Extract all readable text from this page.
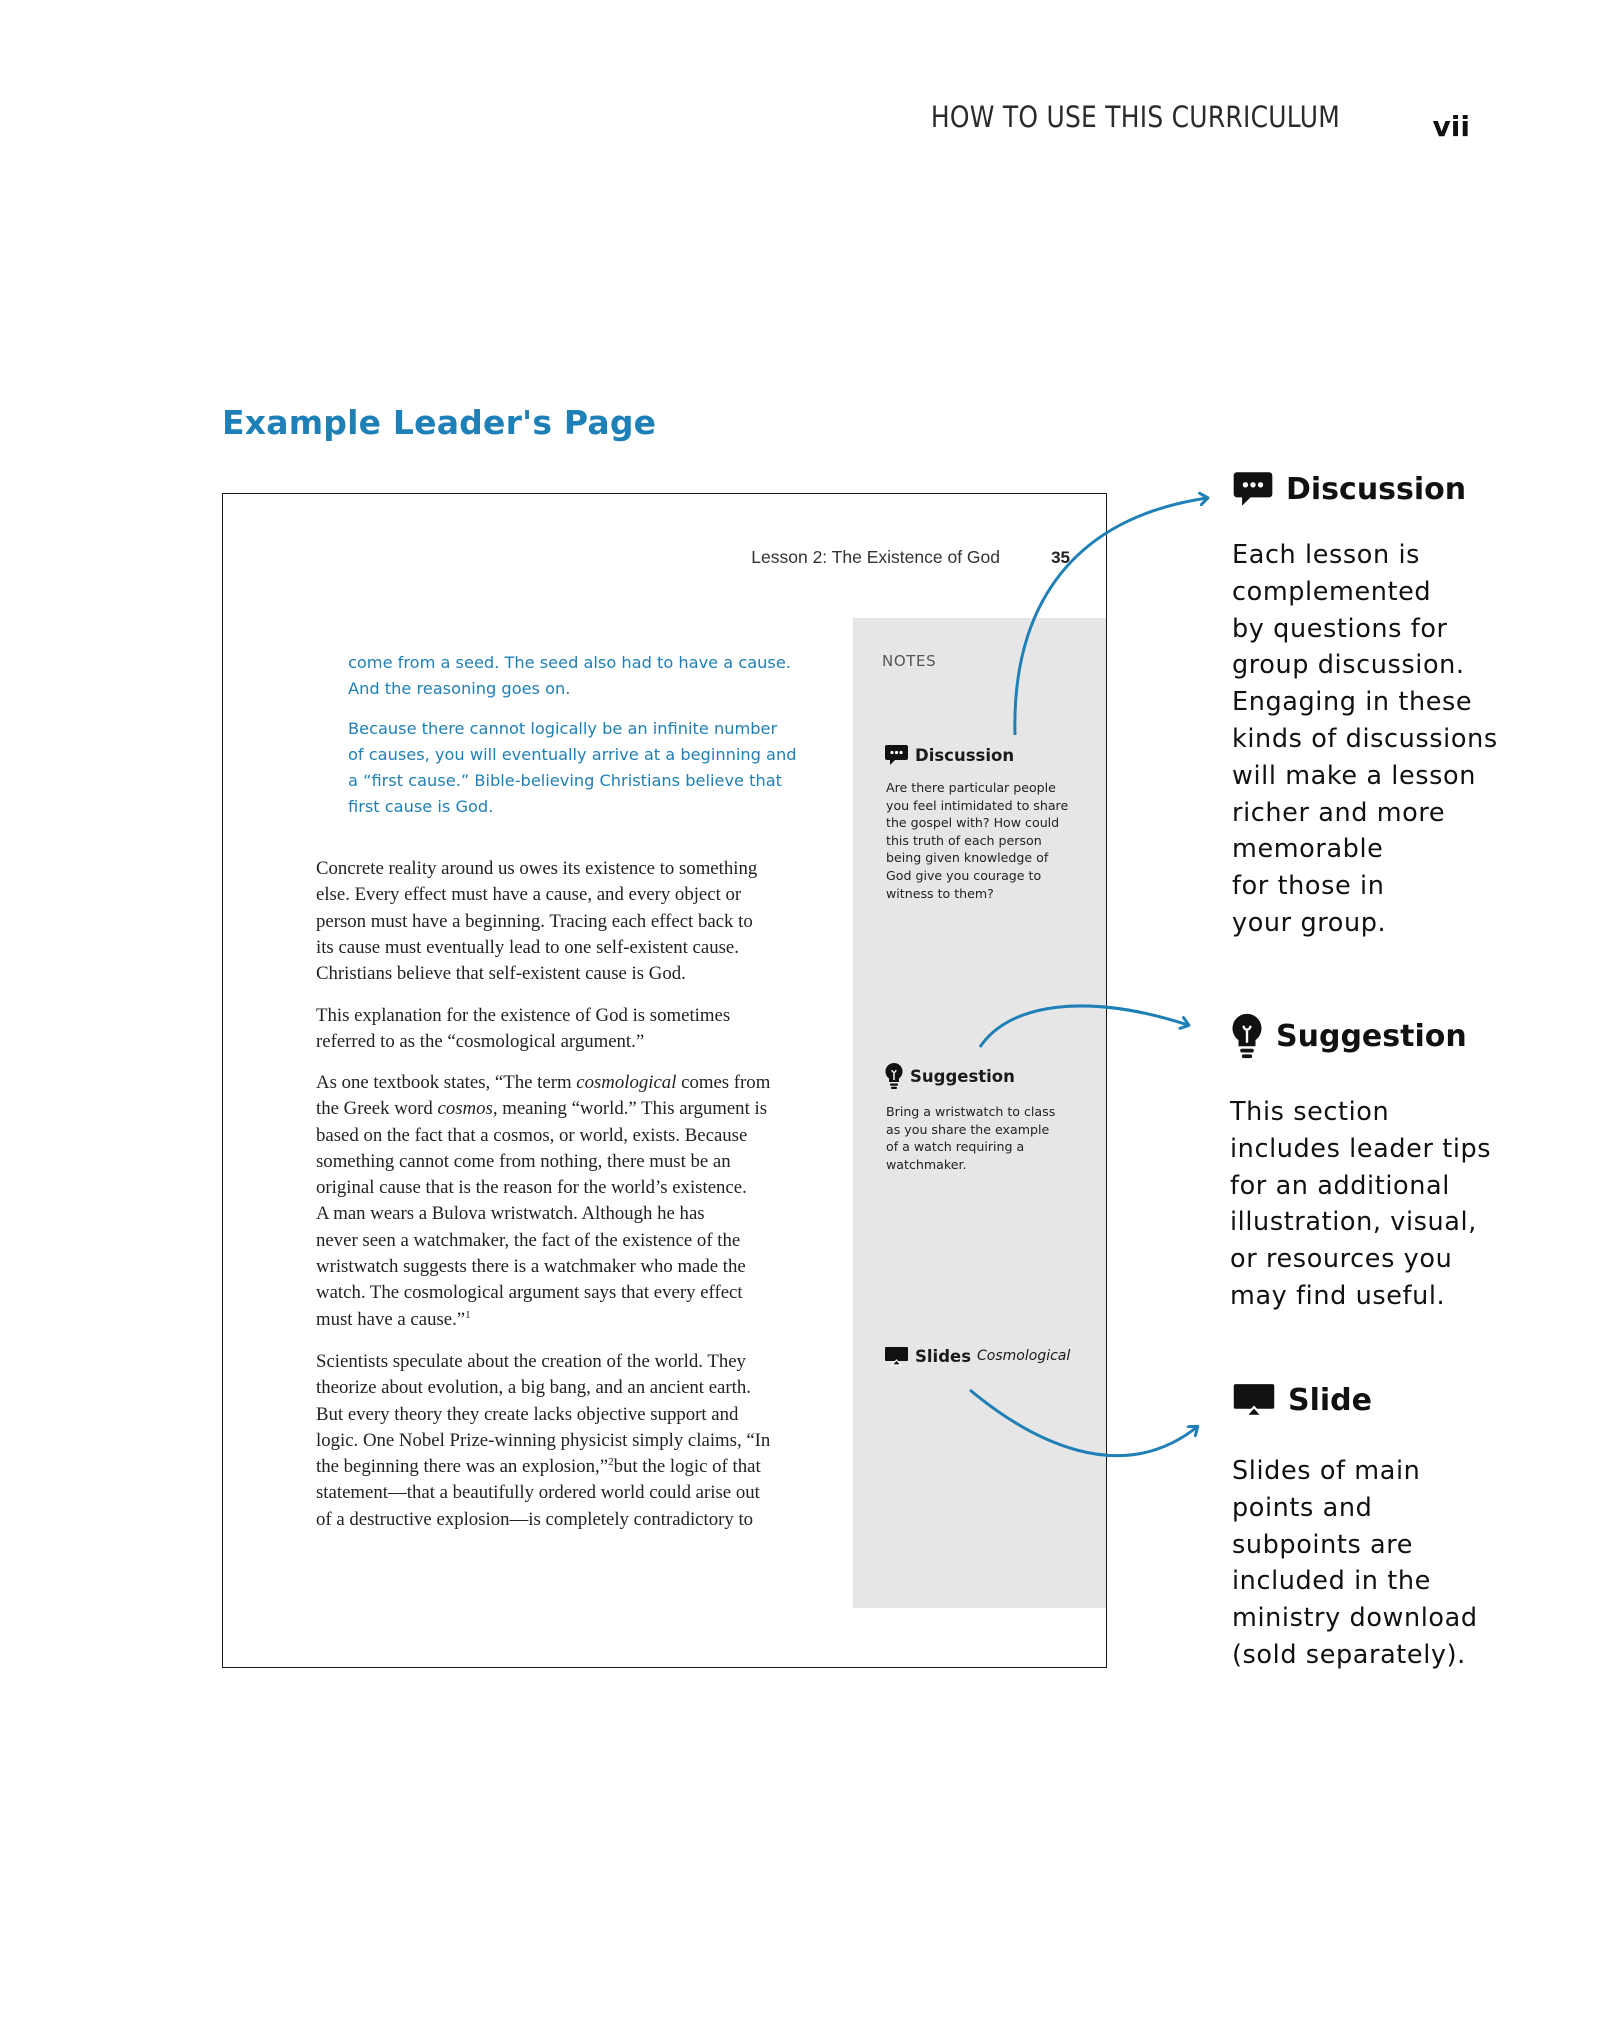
HOW TO USE THIS CURRICULUM	vii
Example Leader's Page
Lesson 2: The Existence of God	35
come from a seed. The seed also had to have a cause.
And the reasoning goes on.
Because there cannot logically be an infinite number
of causes, you will eventually arrive at a beginning and
a “first cause.” Bible-believing Christians believe that
first cause is God.
Concrete reality around us owes its existence to something
else. Every effect must have a cause, and every object or
person must have a beginning. Tracing each effect back to
its cause must eventually lead to one self-existent cause.
Christians believe that self-existent cause is God.
This explanation for the existence of God is sometimes
referred to as the “cosmological argument.”
As one textbook states, “The term cosmological comes from
the Greek word cosmos, meaning “world.” This argument is
based on the fact that a cosmos, or world, exists. Because
something cannot come from nothing, there must be an
original cause that is the reason for the world’s existence.
A man wears a Bulova wristwatch. Although he has
never seen a watchmaker, the fact of the existence of the
wristwatch suggests there is a watchmaker who made the
watch. The cosmological argument says that every effect
must have a cause.”$^1$
Scientists speculate about the creation of the world. They
theorize about evolution, a big bang, and an ancient earth.
But every theory they create lacks objective support and
logic. One Nobel Prize-winning physicist simply claims, “In
the beginning there was an explosion,”$^2$but the logic of that
statement—that a beautifully ordered world could arise out
of a destructive explosion—is completely contradictory to
NOTES
Discussion
Are there particular people
you feel intimidated to share
the gospel with? How could
this truth of each person
being given knowledge of
God give you courage to
witness to them?
Suggestion
Bring a wristwatch to class
as you share the example
of a watch requiring a
watchmaker.
Slides Cosmological
Discussion
Each lesson is
complemented
by questions for
group discussion.
Engaging in these
kinds of discussions
will make a lesson
richer and more
memorable
for those in
your group.
Suggestion
This section
includes leader tips
for an additional
illustration, visual,
or resources you
may find useful.
Slide
Slides of main
points and
subpoints are
included in the
ministry download
(sold separately).
